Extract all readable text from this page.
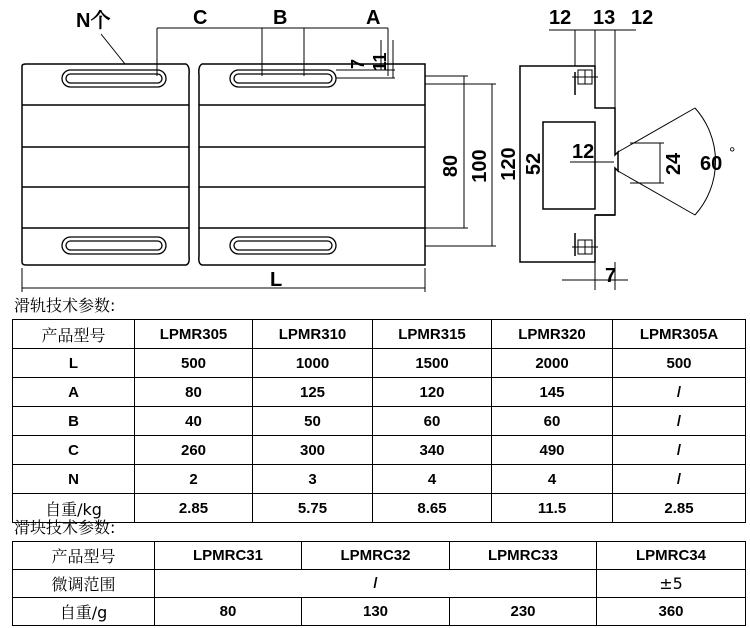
N个	C	B	A
7 11
80 100
L
12 13 12
120 52
12
24 60 °
7
滑轨技术参数:
产品型号	LPMR305	LPMR310	LPMR315	LPMR320	LPMR305A
L	500	1000	1500	2000	500
A	80	125	120	145	/
B	40	50	60	60	/
C	260	300	340	490	/
N	2	3	4	4	/
自重/kg	2.85	5.75	8.65	11.5	2.85
滑块技术参数:
产品型号	LPMRC31	LPMRC32	LPMRC33	LPMRC34
微调范围	/			±5
自重/g	80	130	230	360
